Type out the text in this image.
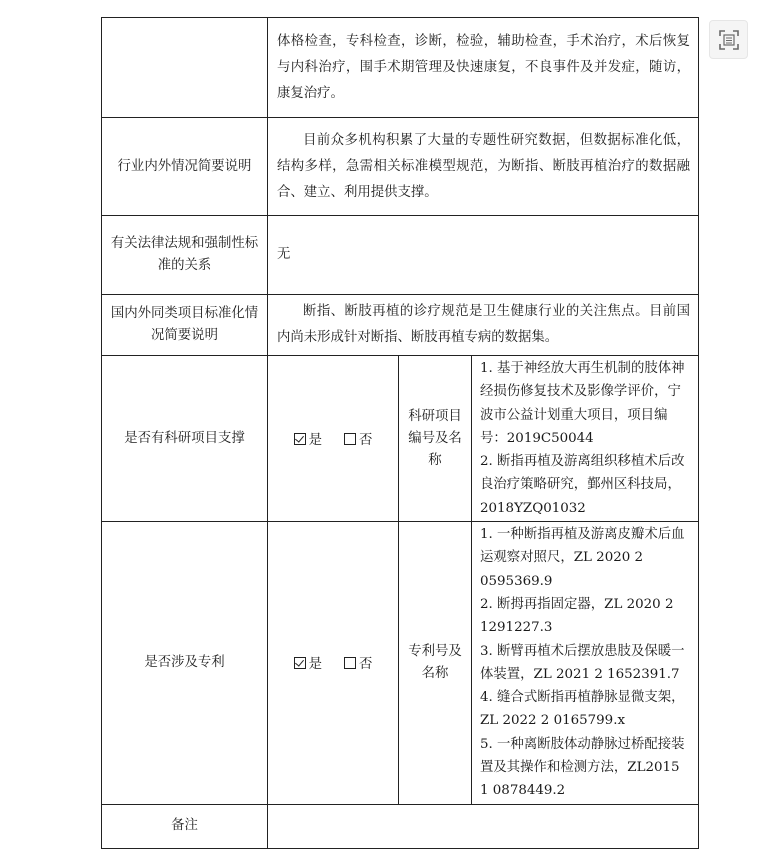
	体格检查，专科检查，诊断，检验，辅助检查，手术治疗，术后恢复与内科治疗，围手术期管理及快速康复，不良事件及并发症，随访，康复治疗。		
行业内外情况简要说明	目前众多机构积累了大量的专题性研究数据，但数据标准化低，结构多样，急需相关标准模型规范，为断指、断肢再植治疗的数据融合、建立、利用提供支撑。		
有关法律法规和强制性标准的关系	无		
国内外同类项目标准化情况简要说明	断指、断肢再植的诊疗规范是卫生健康行业的关注焦点。目前国内尚未形成针对断指、断肢再植专病的数据集。		
是否有科研项目支撑	是 否	科研项目编号及名称	1. 基于神经放大再生机制的肢体神经损伤修复技术及影像学评价，宁波市公益计划重大项目，项目编号：2019C50044
2. 断指再植及游离组织移植术后改良治疗策略研究，鄞州区科技局，2018YZQ01032

是否涉及专利	是 否	专利号及名称	1. 一种断指再植及游离皮瓣术后血运观察对照尺，ZL 2020 2 0595369.9
2. 断拇再指固定器，ZL 2020 2 1291227.3
3. 断臂再植术后摆放患肢及保暖一体装置，ZL 2021 2 1652391.7
4. 缝合式断指再植静脉显微支架，ZL 2022 2 0165799.x
5. 一种离断肢体动静脉过桥配接装置及其操作和检测方法，ZL2015 1 0878449.2

备注			
